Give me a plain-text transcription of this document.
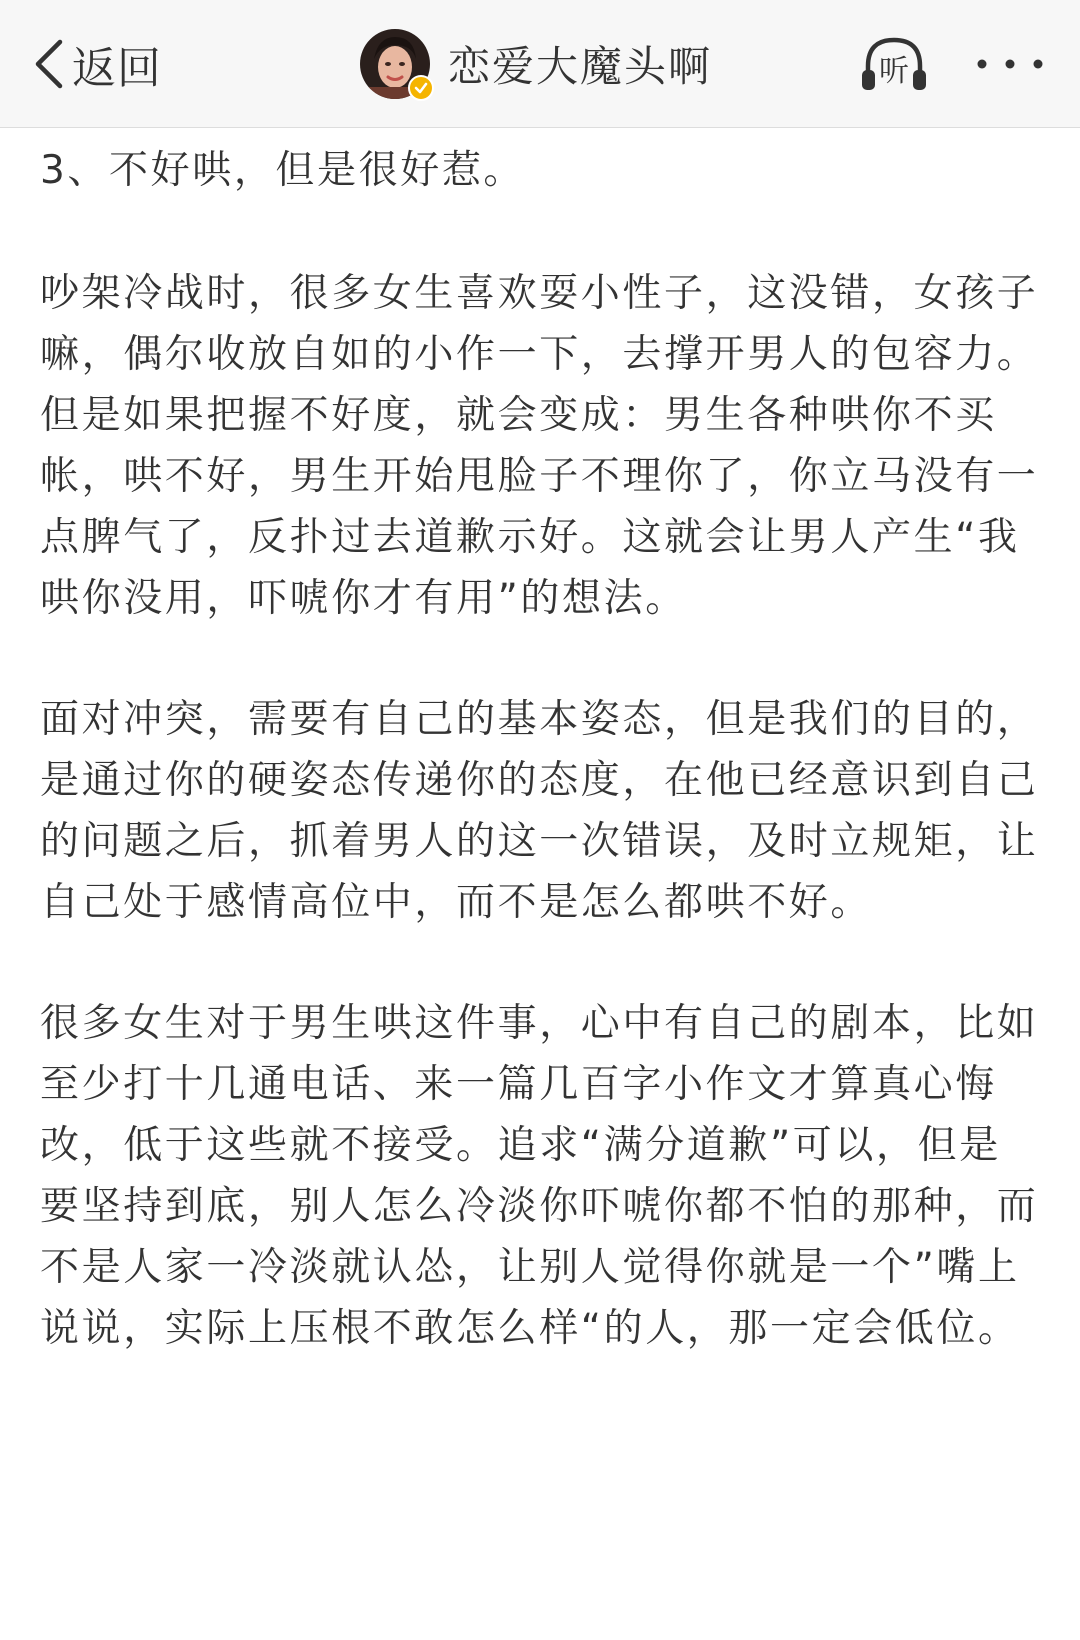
返回	恋爱大魔头啊	听

3、不好哄，但是很好惹。

吵架冷战时，很多女生喜欢耍小性子，这没错，女孩子嘛，偶尔收放自如的小作一下，去撑开男人的包容力。但是如果把握不好度，就会变成：男生各种哄你不买帐，哄不好，男生开始甩脸子不理你了，你立马没有一点脾气了，反扑过去道歉示好。这就会让男人产生“我哄你没用，吓唬你才有用”的想法。

面对冲突，需要有自己的基本姿态，但是我们的目的，是通过你的硬姿态传递你的态度，在他已经意识到自己的问题之后，抓着男人的这一次错误，及时立规矩，让自己处于感情高位中，而不是怎么都哄不好。

很多女生对于男生哄这件事，心中有自己的剧本，比如至少打十几通电话、来一篇几百字小作文才算真心悔改，低于这些就不接受。追求“满分道歉”可以，但是要坚持到底，别人怎么冷淡你吓唬你都不怕的那种，而不是人家一冷淡就认怂，让别人觉得你就是一个”嘴上说说，实际上压根不敢怎么样“的人，那一定会低位。
